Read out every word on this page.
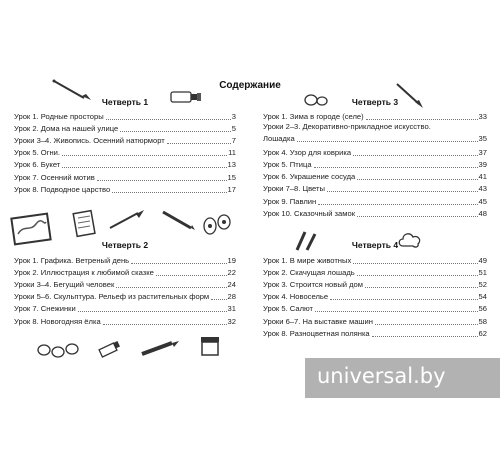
Содержание
Четверть 1
Урок 1. Родные просторы	3
Урок 2. Дома на нашей улице	5
Уроки 3–4. Живопись. Осенний натюрморт	7
Урок 5. Огни.	11
Урок 6. Букет	13
Урок 7. Осенний мотив	15
Урок 8. Подводное царство	17
Четверть 2
Урок 1. Графика. Ветреный день	19
Урок 2. Иллюстрация к любимой сказке	22
Уроки 3–4. Бегущий человек	24
Уроки 5–6. Скульптура. Рельеф из растительных форм 28
Урок 7. Снежинки	31
Урок 8. Новогодняя ёлка	32
Четверть 3
Урок 1. Зима в городе (селе)	33
Уроки 2–3. Декоративно-прикладное искусство.
Лошадка	35
Урок 4. Узор для коврика	37
Урок 5. Птица	39
Урок 6. Украшение сосуда	41
Уроки 7–8. Цветы	43
Урок 9. Павлин	45
Урок 10. Сказочный замок	48
Четверть 4
Урок 1. В мире животных	49
Урок 2. Скачущая лошадь	51
Урок 3. Строится новый дом	52
Урок 4. Новоселье	54
Урок 5. Салют	56
Уроки 6–7. На выставке машин	58
Урок 8. Разноцветная полянка	62
universal.by
